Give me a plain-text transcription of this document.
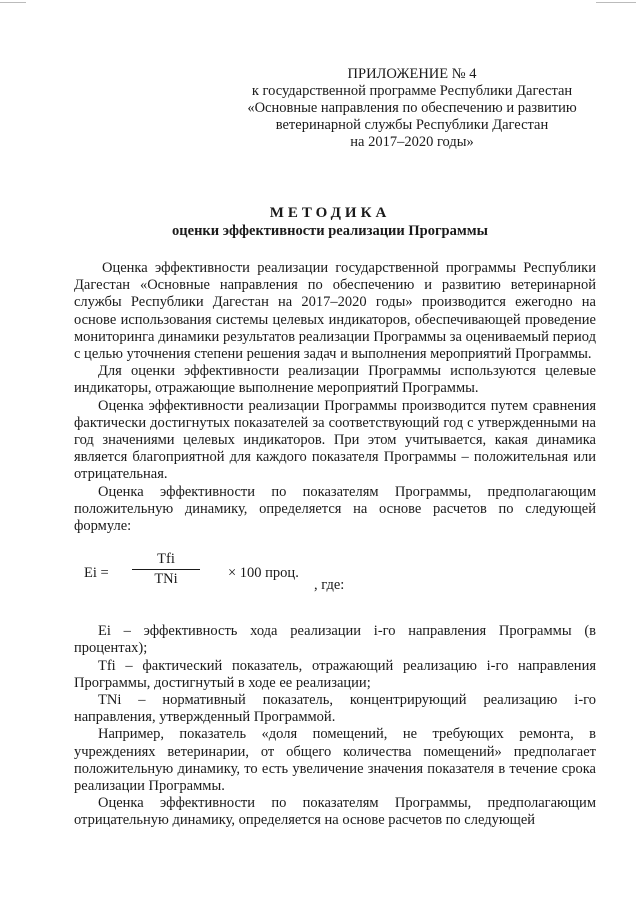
ПРИЛОЖЕНИЕ № 4
к государственной программе Республики Дагестан
«Основные направления по обеспечению и развитию
ветеринарной службы Республики Дагестан
на 2017–2020 годы»
МЕТОДИКА
оценки эффективности реализации Программы

Оценка эффективности реализации государственной программы Республики Дагестан «Основные направления по обеспечению и развитию ветеринарной службы Республики Дагестан на 2017–2020 годы» производится ежегодно на основе использования системы целевых индикаторов, обеспечивающей проведение мониторинга динамики результатов реализации Программы за оцениваемый период с целью уточнения степени решения задач и выполнения мероприятий Программы.

Для оценки эффективности реализации Программы используются целевые индикаторы, отражающие выполнение мероприятий Программы.

Оценка эффективности реализации Программы производится путем сравнения фактически достигнутых показателей за соответствующий год с утвержденными на год значениями целевых индикаторов. При этом учитывается, какая динамика является благоприятной для каждого показателя Программы – положительная или отрицательная.

Оценка эффективности по показателям Программы, предполагающим положительную динамику, определяется на основе расчетов по следующей формуле:

Ei =
Tfi
TNi	× 100 проц.
, где:

Ei – эффективность хода реализации i-го направления Программы (в процентах);

Tfi – фактический показатель, отражающий реализацию i-го направления Программы, достигнутый в ходе ее реализации;

TNi – нормативный показатель, концентрирующий реализацию i-го направления, утвержденный Программой.

Например, показатель «доля помещений, не требующих ремонта, в учреждениях ветеринарии, от общего количества помещений» предполагает положительную динамику, то есть увеличение значения показателя в течение срока реализации Программы.

Оценка эффективности по показателям Программы, предполагающим отрицательную динамику, определяется на основе расчетов по следующей
